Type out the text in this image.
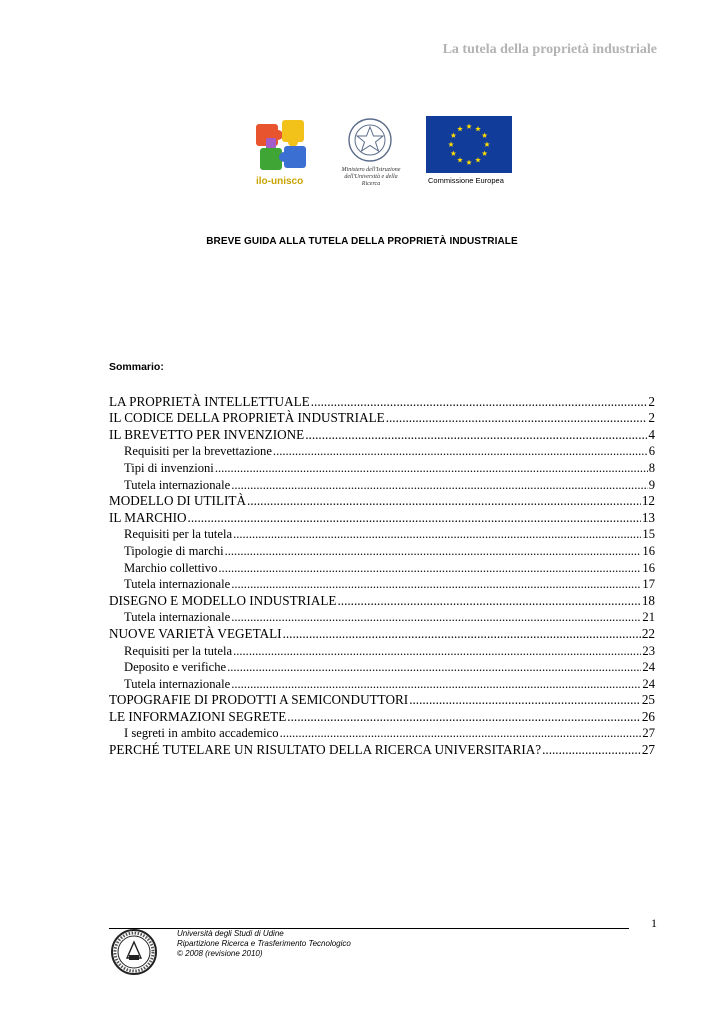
La tutela della proprietà industriale
ilo-unisco
Ministero dell'Istruzione dell'Università e della Ricerca	Commissione Europea
BREVE GUIDA ALLA TUTELA DELLA PROPRIETÀ INDUSTRIALE
Sommario:
LA PROPRIETÀ INTELLETTUALE .....	2
IL CODICE DELLA PROPRIETÀ INDUSTRIALE .....	2
IL BREVETTO PER INVENZIONE .....	4
Requisiti per la brevettazione .....	6
Tipi di invenzioni .....	8
Tutela internazionale .....	9
MODELLO DI UTILITÀ .....	12
IL MARCHIO .....	13
Requisiti per la tutela .....	15
Tipologie di marchi .....	16
Marchio collettivo .....	16
Tutela internazionale .....	17
DISEGNO E MODELLO INDUSTRIALE .....	18
Tutela internazionale .....	21
NUOVE VARIETÀ VEGETALI .....	22
Requisiti per la tutela .....	23
Deposito e verifiche .....	24
Tutela internazionale .....	24
TOPOGRAFIE DI PRODOTTI A SEMICONDUTTORI .....	25
LE INFORMAZIONI SEGRETE .....	26
I segreti in ambito accademico .....	27
PERCHÉ TUTELARE UN RISULTATO DELLA RICERCA UNIVERSITARIA? .....	27
1
Università degli Studi di Udine
Ripartizione Ricerca e Trasferimento Tecnologico
© 2008 (revisione 2010)
